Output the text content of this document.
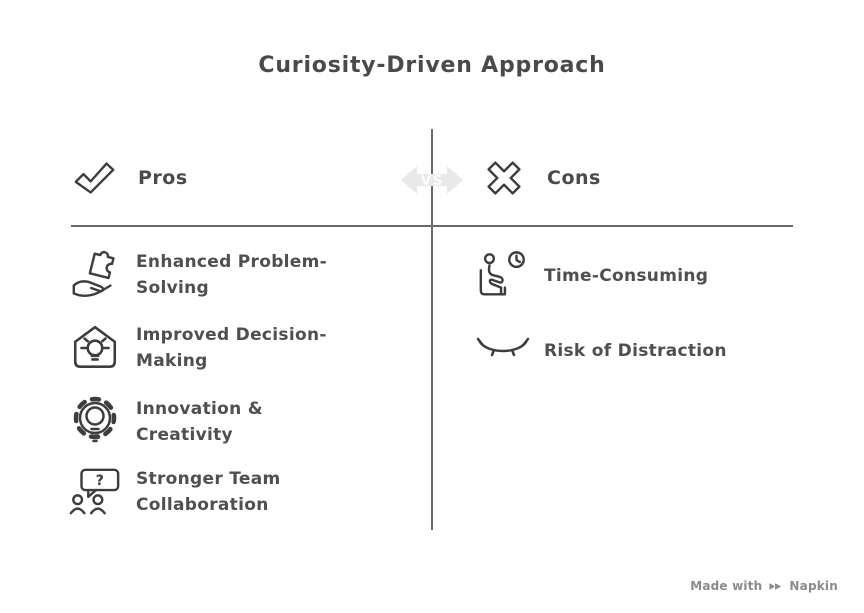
Curiosity-Driven Approach
VS
Pros	Cons
Enhanced Problem-Solving
Improved Decision-Making
Innovation & Creativity
? Stronger Team Collaboration
Time-Consuming
Risk of Distraction
Made with Napkin
